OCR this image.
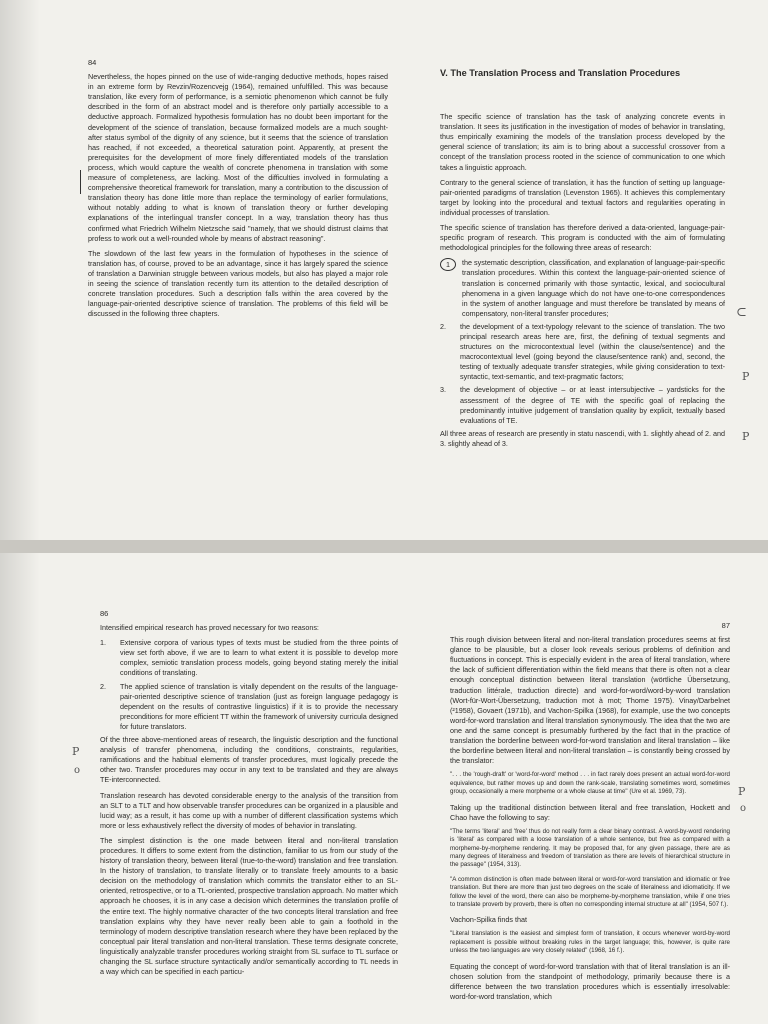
84

Nevertheless, the hopes pinned on the use of wide-ranging deductive methods, hopes raised in an extreme form by Revzin/Rozencvejg (1964), remained unfulfilled. This was because translation, like every form of performance, is a semiotic phenomenon which cannot be fully described in the form of an abstract model and is therefore only partially accessible to a deductive approach. Formalized hypothesis formulation has no doubt been important for the development of the science of translation, because formalized models are a much sought-after status symbol of the dignity of any science, but it seems that the science of translation has reached, if not exceeded, a theoretical saturation point. Apparently, at present the prerequisites for the development of more finely differentiated models of the translation process, which would capture the wealth of concrete phenomena in translation with some measure of completeness, are lacking. Most of the difficulties involved in formulating a comprehensive theoretical framework for translation, many a contribution to the discussion of translation theory has done little more than replace the terminology of earlier formulations, without notably adding to what is known of translation theory or further developing explanations of the interlingual transfer concept. In a way, translation theory has thus confirmed what Friedrich Wilhelm Nietzsche said "namely, that we should distrust claims that profess to work out a well-rounded whole by means of abstract reasoning".

The slowdown of the last few years in the formulation of hypotheses in the science of translation has, of course, proved to be an advantage, since it has largely spared the science of translation a Darwinian struggle between various models, but also has played a major role in seeing the science of translation recently turn its attention to the detailed description of concrete translation procedures. Such a description falls within the area covered by the language-pair-oriented descriptive science of translation. The problems of this field will be discussed in the following three chapters.

V. The Translation Process and Translation Procedures

The specific science of translation has the task of analyzing concrete events in translation. It sees its justification in the investigation of modes of behavior in translating, thus empirically examining the models of the translation process developed by the general science of translation; its aim is to bring about a successful crossover from a concept of the translation process rooted in the science of communication to one which takes a linguistic approach.

Contrary to the general science of translation, it has the function of setting up language-pair-oriented paradigms of translation (Levenston 1965). It achieves this complementary target by looking into the procedural and textual factors and regularities operating in individual processes of translation.

The specific science of translation has therefore derived a data-oriented, language-pair-specific program of research. This program is conducted with the aim of formulating methodological principles for the following three areas of research:

1	the systematic description, classification, and explanation of language-pair-specific translation procedures. Within this context the language-pair-oriented science of translation is concerned primarily with those syntactic, lexical, and sociocultural phenomena in a given language which do not have one-to-one correspondences in the system of another language and must therefore be translated by means of compensatory, non-literal transfer procedures;
2.	the development of a text-typology relevant to the science of translation. The two principal research areas here are, first, the defining of textual segments and structures on the microcontextual level (within the clause/sentence) and the macrocontextual level (going beyond the clause/sentence rank) and, second, the testing of textually adequate transfer strategies, while giving consideration to text-syntactic, text-semantic, and text-pragmatic factors;
3.	the development of objective – or at least intersubjective – yardsticks for the assessment of the degree of TE with the specific goal of replacing the predominantly intuitive judgement of translation quality by explicit, textually based evaluations of TE.

All three areas of research are presently in statu nascendi, with 1. slightly ahead of 2. and 3. slightly ahead of 3.

⊂
P
P
86

Intensified empirical research has proved necessary for two reasons:

1.	Extensive corpora of various types of texts must be studied from the three points of view set forth above, if we are to learn to what extent it is possible to develop more complex, semiotic translation process models, going beyond stating merely the initial conditions of translating.
2.	The applied science of translation is vitally dependent on the results of the language-pair-oriented descriptive science of translation (just as foreign language pedagogy is dependent on the results of contrastive linguistics) if it is to provide the necessary preconditions for more efficient TT within the framework of university curricula designed for future translators.

Of the three above-mentioned areas of research, the linguistic description and the functional analysis of transfer phenomena, including the conditions, constraints, regularities, ramifications and the habitual elements of transfer procedures, must logically precede the other two. Transfer procedures may occur in any text to be translated and they are always TE-interconnected.

Translation research has devoted considerable energy to the analysis of the transition from an SLT to a TLT and how observable transfer procedures can be organized in a plausible and lucid way; as a result, it has come up with a number of different classification systems which more or less exhaustively reflect the diversity of modes of behavior in translating.

The simplest distinction is the one made between literal and non-literal translation procedures. It differs to some extent from the distinction, familiar to us from our study of the history of translation theory, between literal (true-to-the-word) translation and free translation. In the history of translation, to translate literally or to translate freely amounts to a basic decision on the methodology of translation which commits the translator either to an SL-oriented, retrospective, or to a TL-oriented, prospective translation approach. No matter which approach he chooses, it is in any case a decision which determines the translation profile of the entire text. The highly normative character of the two concepts literal translation and free translation explains why they have never really been able to gain a foothold in the terminology of modern descriptive translation research where they have been replaced by the conceptual pair literal translation and non-literal translation. These terms designate concrete, linguistically analyzable transfer procedures working straight from SL surface to TL surface or changing the SL surface structure syntactically and/or semantically according to TL needs in a way which can be specified in each particu-

P
o
87

This rough division between literal and non-literal translation procedures seems at first glance to be plausible, but a closer look reveals serious problems of definition and fluctuations in concept. This is especially evident in the area of literal translation, where the lack of sufficient differentiation within the field means that there is often not a clear enough conceptual distinction between literal translation (wörtliche Übersetzung, traduction littérale, traduction directe) and word-for-word/word-by-word translation (Wort-für-Wort-Übersetzung, traduction mot à mot; Thome 1975). Vinay/Darbelnet (²1958), Govaert (1971b), and Vachon-Spilka (1968), for example, use the two concepts word-for-word translation and literal translation synonymously. The idea that the two are one and the same concept is presumably furthered by the fact that in the practice of translation the borderline between word-for-word translation and literal translation – like the borderline between literal and non-literal translation – is constantly being crossed by the translator:

". . . the 'rough-draft' or 'word-for-word' method . . . in fact rarely does present an actual word-for-word equivalence, but rather moves up and down the rank-scale, translating sometimes word, sometimes group, occasionally a mere morpheme or a whole clause at time" (Ure et al. 1969, 73).

Taking up the traditional distinction between literal and free translation, Hockett and Chao have the following to say:

"The terms 'literal' and 'free' thus do not really form a clear binary contrast. A word-by-word rendering is 'literal' as compared with a loose translation of a whole sentence, but free as compared with a morpheme-by-morpheme rendering. It may be proposed that, for any given passage, there are as many degrees of literalness and freedom of translation as there are levels of hierarchical structure in the passage" (1954, 313).
"A common distinction is often made between literal or word-for-word translation and idiomatic or free translation. But there are more than just two degrees on the scale of literalness and idiomaticity. If we follow the level of the word, there can also be morpheme-by-morpheme translation, while if one tries to translate proverb by proverb, there is often no corresponding internal structure at all" (1954, 507 f.).

Vachon-Spilka finds that

"Literal translation is the easiest and simplest form of translation, it occurs whenever word-by-word replacement is possible without breaking rules in the target language; this, however, is quite rare unless the two languages are very closely related" (1968, 16 f.).

Equating the concept of word-for-word translation with that of literal translation is an ill-chosen solution from the standpoint of methodology, primarily because there is a difference between the two translation procedures which is essentially irresolvable: word-for-word translation, which

P
o
